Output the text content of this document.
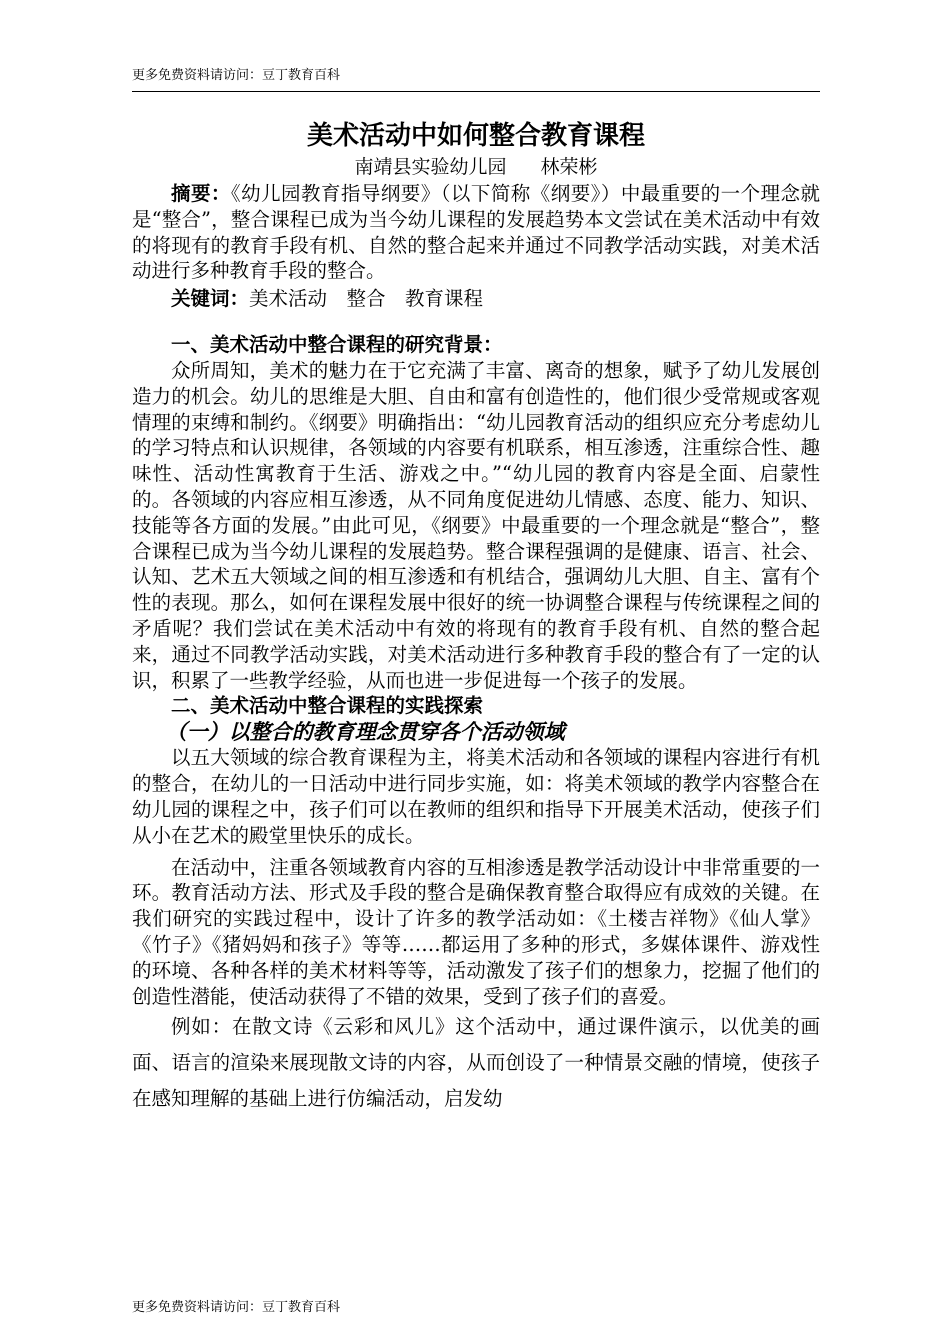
更多免费资料请访问：豆丁教育百科
美术活动中如何整合教育课程

南靖县实验幼儿园 林荣彬

摘要：《幼儿园教育指导纲要》（以下简称《纲要》）中最重要的一个理念就是“整合”，整合课程已成为当今幼儿课程的发展趋势本文尝试在美术活动中有效的将现有的教育手段有机、自然的整合起来并通过不同教学活动实践，对美术活动进行多种教育手段的整合。

关键词：美术活动　整合　教育课程

一、美术活动中整合课程的研究背景：

众所周知，美术的魅力在于它充满了丰富、离奇的想象，赋予了幼儿发展创造力的机会。幼儿的思维是大胆、自由和富有创造性的，他们很少受常规或客观情理的束缚和制约。《纲要》明确指出：“幼儿园教育活动的组织应充分考虑幼儿的学习特点和认识规律，各领域的内容要有机联系，相互渗透，注重综合性、趣味性、活动性寓教育于生活、游戏之中。”“幼儿园的教育内容是全面、启蒙性的。各领域的内容应相互渗透，从不同角度促进幼儿情感、态度、能力、知识、技能等各方面的发展。”由此可见，《纲要》中最重要的一个理念就是“整合”，整合课程已成为当今幼儿课程的发展趋势。整合课程强调的是健康、语言、社会、认知、艺术五大领域之间的相互渗透和有机结合，强调幼儿大胆、自主、富有个性的表现。那么，如何在课程发展中很好的统一协调整合课程与传统课程之间的矛盾呢？我们尝试在美术活动中有效的将现有的教育手段有机、自然的整合起来，通过不同教学活动实践，对美术活动进行多种教育手段的整合有了一定的认识，积累了一些教学经验，从而也进一步促进每一个孩子的发展。

二、美术活动中整合课程的实践探索

（一）以整合的教育理念贯穿各个活动领域

以五大领域的综合教育课程为主，将美术活动和各领域的课程内容进行有机的整合，在幼儿的一日活动中进行同步实施，如：将美术领域的教学内容整合在幼儿园的课程之中，孩子们可以在教师的组织和指导下开展美术活动，使孩子们从小在艺术的殿堂里快乐的成长。

在活动中，注重各领域教育内容的互相渗透是教学活动设计中非常重要的一环。教育活动方法、形式及手段的整合是确保教育整合取得应有成效的关键。在我们研究的实践过程中，设计了许多的教学活动如：《土楼吉祥物》《仙人掌》《竹子》《猪妈妈和孩子》等等……都运用了多种的形式，多媒体课件、游戏性的环境、各种各样的美术材料等等，活动激发了孩子们的想象力，挖掘了他们的创造性潜能，使活动获得了不错的效果，受到了孩子们的喜爱。

例如：在散文诗《云彩和风儿》这个活动中，通过课件演示，以优美的画面、语言的渲染来展现散文诗的内容，从而创设了一种情景交融的情境，使孩子在感知理解的基础上进行仿编活动，启发幼

更多免费资料请访问：豆丁教育百科
